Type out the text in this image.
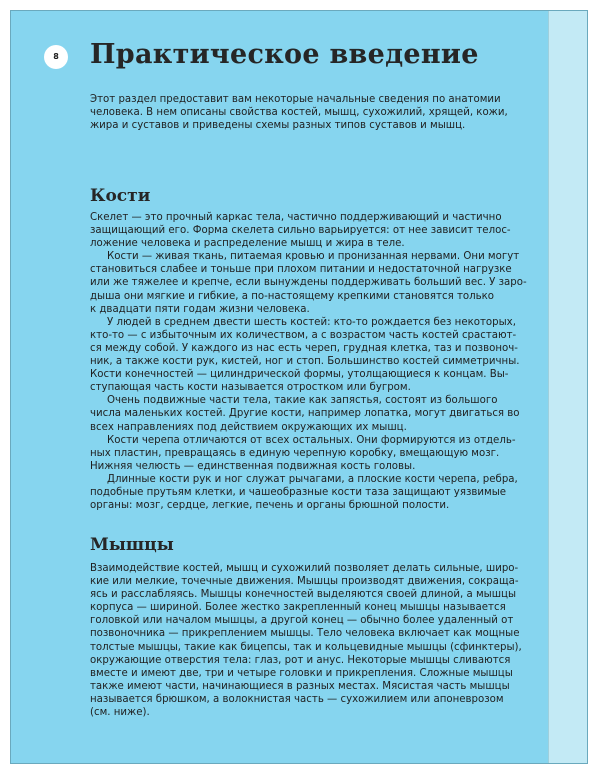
8	Практическое введение
Этот раздел предоставит вам некоторые начальные сведения по анатомии
человека. В нем описаны свойства костей, мышц, сухожилий, хрящей, кожи,
жира и суставов и приведены схемы разных типов суставов и мышц.
Кости
Скелет — это прочный каркас тела, частично поддерживающий и частично
защищающий его. Форма скелета сильно варьируется: от нее зависит телос-
ложение человека и распределение мышц и жира в теле.
Кости — живая ткань, питаемая кровью и пронизанная нервами. Они могут
становиться слабее и тоньше при плохом питании и недостаточной нагрузке
или же тяжелее и крепче, если вынуждены поддерживать больший вес. У заро-
дыша они мягкие и гибкие, а по-настоящему крепкими становятся только
к двадцати пяти годам жизни человека.
У людей в среднем двести шесть костей: кто-то рождается без некоторых,
кто-то — с избыточным их количеством, а с возрастом часть костей срастают-
ся между собой. У каждого из нас есть череп, грудная клетка, таз и позвоноч-
ник, а также кости рук, кистей, ног и стоп. Большинство костей симметричны.
Кости конечностей — цилиндрической формы, утолщающиеся к концам. Вы-
ступающая часть кости называется отростком или бугром.
Очень подвижные части тела, такие как запястья, состоят из большого
числа маленьких костей. Другие кости, например лопатка, могут двигаться во
всех направлениях под действием окружающих их мышц.
Кости черепа отличаются от всех остальных. Они формируются из отдель-
ных пластин, превращаясь в единую черепную коробку, вмещающую мозг.
Нижняя челюсть — единственная подвижная кость головы.
Длинные кости рук и ног служат рычагами, а плоские кости черепа, ребра,
подобные прутьям клетки, и чашеобразные кости таза защищают уязвимые
органы: мозг, сердце, легкие, печень и органы брюшной полости.
Мышцы
Взаимодействие костей, мышц и сухожилий позволяет делать сильные, широ-
кие или мелкие, точечные движения. Мышцы производят движения, сокраща-
ясь и расслабляясь. Мышцы конечностей выделяются своей длиной, а мышцы
корпуса — шириной. Более жестко закрепленный конец мышцы называется
головкой или началом мышцы, а другой конец — обычно более удаленный от
позвоночника — прикреплением мышцы. Тело человека включает как мощные
толстые мышцы, такие как бицепсы, так и кольцевидные мышцы (сфинктеры),
окружающие отверстия тела: глаз, рот и анус. Некоторые мышцы сливаются
вместе и имеют две, три и четыре головки и прикрепления. Сложные мышцы
также имеют части, начинающиеся в разных местах. Мясистая часть мышцы
называется брюшком, а волокнистая часть — сухожилием или апоневрозом
(см. ниже).
